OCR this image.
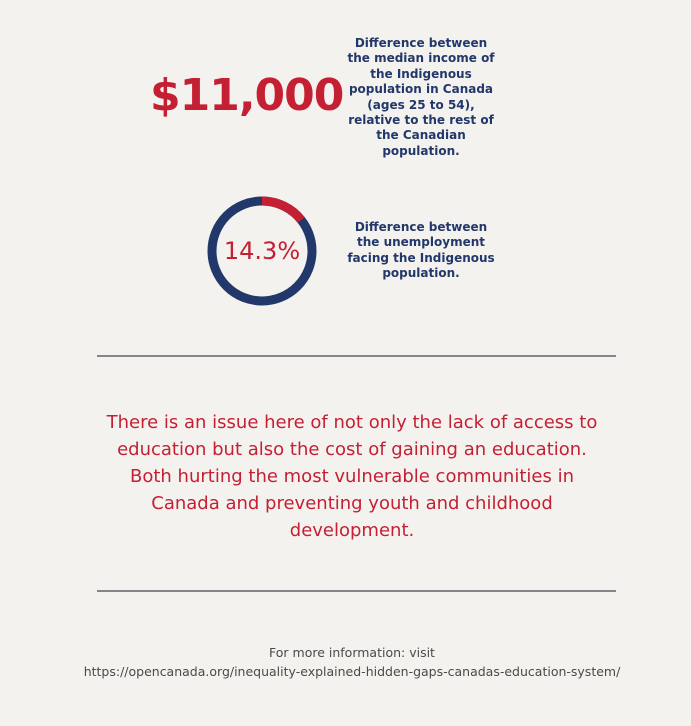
$11,000
Difference between the median income of the Indigenous population in Canada (ages 25 to 54), relative to the rest of the Canadian population.
14.3%
Difference between the unemployment facing the Indigenous population.
There is an issue here of not only the lack of access to education but also the cost of gaining an education. Both hurting the most vulnerable communities in Canada and preventing youth and childhood development.
For more information: visit
https://opencanada.org/inequality-explained-hidden-gaps-canadas-education-system/
